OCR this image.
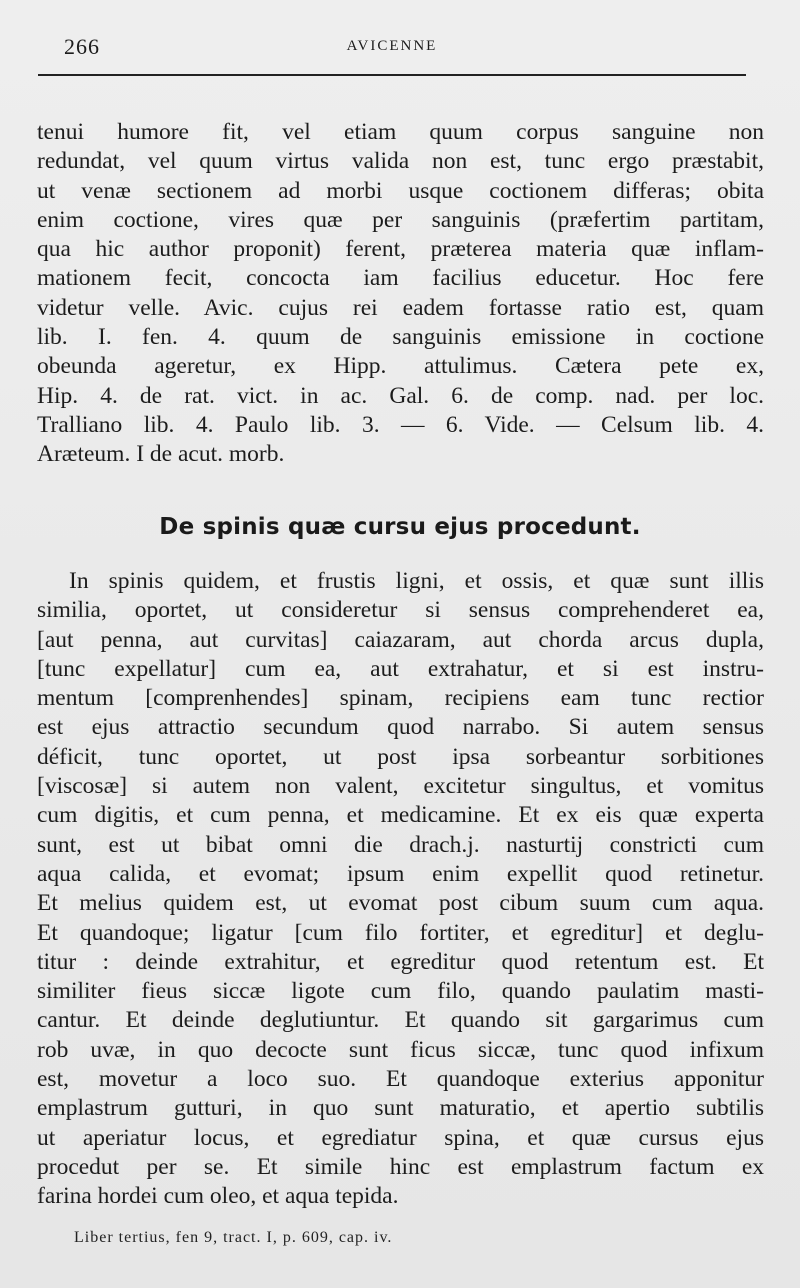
266	AVICENNE
tenui humore fit, vel etiam quum corpus sanguine non
redundat, vel quum virtus valida non est, tunc ergo præstabit,
ut venæ sectionem ad morbi usque coctionem differas; obita
enim coctione, vires quæ per sanguinis (præfertim partitam,
qua hic author proponit) ferent, præterea materia quæ inflam-
mationem fecit, concocta iam facilius educetur. Hoc fere
videtur velle. Avic. cujus rei eadem fortasse ratio est, quam
lib. I. fen. 4. quum de sanguinis emissione in coctione
obeunda ageretur, ex Hipp. attulimus. Cætera pete ex,
Hip. 4. de rat. vict. in ac. Gal. 6. de comp. nad. per loc.
Tralliano lib. 4. Paulo lib. 3. — 6. Vide. — Celsum lib. 4.
Aræteum. I de acut. morb.
De spinis quæ cursu ejus procedunt.
In spinis quidem, et frustis ligni, et ossis, et quæ sunt illis
similia, oportet, ut consideretur si sensus comprehenderet ea,
[aut penna, aut curvitas] caiazaram, aut chorda arcus dupla,
[tunc expellatur] cum ea, aut extrahatur, et si est instru-
mentum [comprenhendes] spinam, recipiens eam tunc rectior
est ejus attractio secundum quod narrabo. Si autem sensus
déficit, tunc oportet, ut post ipsa sorbeantur sorbitiones
[viscosæ] si autem non valent, excitetur singultus, et vomitus
cum digitis, et cum penna, et medicamine. Et ex eis quæ experta
sunt, est ut bibat omni die drach.j. nasturtij constricti cum
aqua calida, et evomat; ipsum enim expellit quod retinetur.
Et melius quidem est, ut evomat post cibum suum cum aqua.
Et quandoque; ligatur [cum filo fortiter, et egreditur] et deglu-
titur : deinde extrahitur, et egreditur quod retentum est. Et
similiter fieus siccæ ligote cum filo, quando paulatim masti-
cantur. Et deinde deglutiuntur. Et quando sit gargarimus cum
rob uvæ, in quo decocte sunt ficus siccæ, tunc quod infixum
est, movetur a loco suo. Et quandoque exterius apponitur
emplastrum gutturi, in quo sunt maturatio, et apertio subtilis
ut aperiatur locus, et egrediatur spina, et quæ cursus ejus
procedut per se. Et simile hinc est emplastrum factum ex
farina hordei cum oleo, et aqua tepida.
Liber tertius, fen 9, tract. I, p. 609, cap. iv.
